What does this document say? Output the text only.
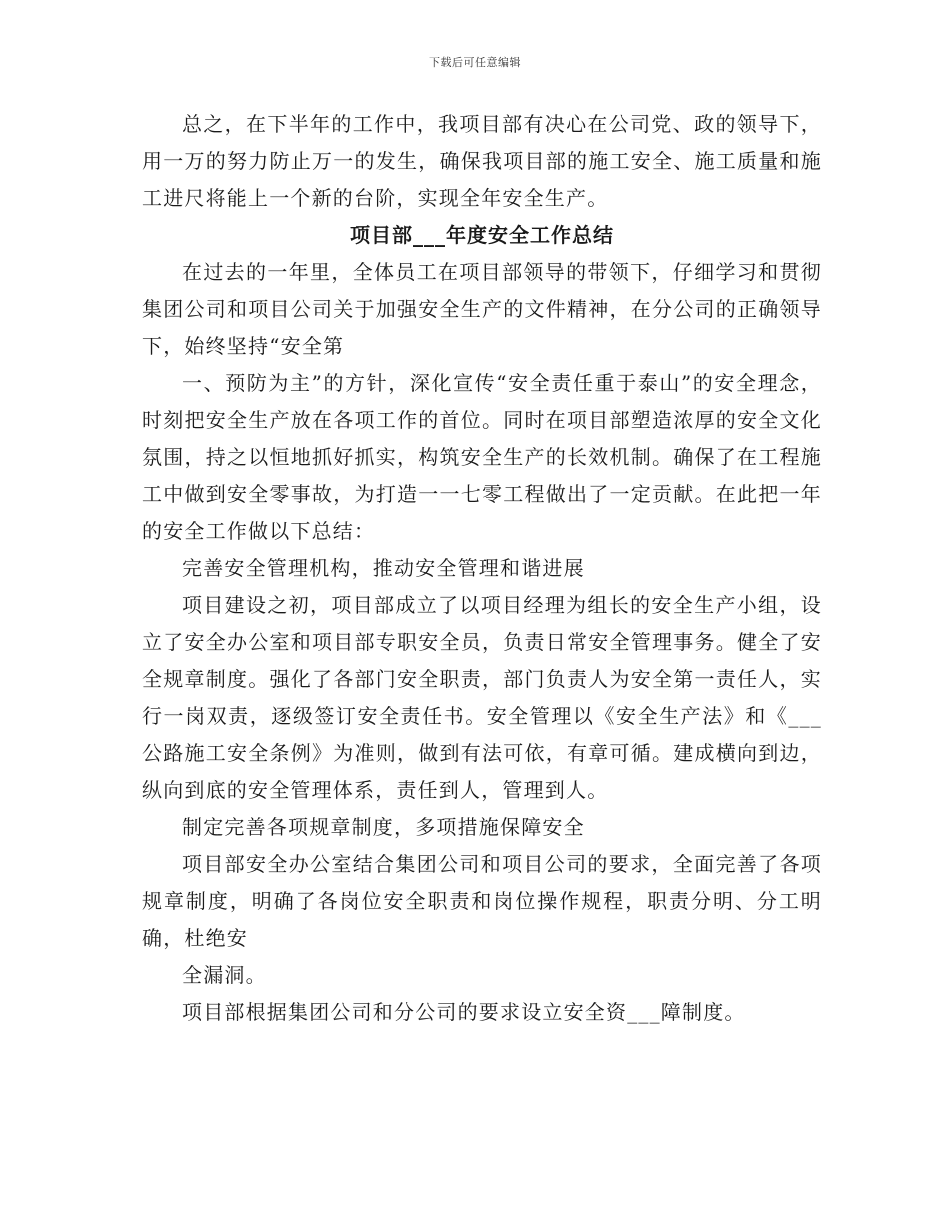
下载后可任意编辑

总之，在下半年的工作中，我项目部有决心在公司党、政的领导下，用一万的努力防止万一的发生，确保我项目部的施工安全、施工质量和施工进尺将能上一个新的台阶，实现全年安全生产。

项目部___年度安全工作总结

在过去的一年里，全体员工在项目部领导的带领下，仔细学习和贯彻集团公司和项目公司关于加强安全生产的文件精神，在分公司的正确领导下，始终坚持“安全第

一、预防为主”的方针，深化宣传“安全责任重于泰山”的安全理念，时刻把安全生产放在各项工作的首位。同时在项目部塑造浓厚的安全文化氛围，持之以恒地抓好抓实，构筑安全生产的长效机制。确保了在工程施工中做到安全零事故，为打造一一七零工程做出了一定贡献。在此把一年的安全工作做以下总结：

完善安全管理机构，推动安全管理和谐进展

项目建设之初，项目部成立了以项目经理为组长的安全生产小组，设立了安全办公室和项目部专职安全员，负责日常安全管理事务。健全了安全规章制度。强化了各部门安全职责，部门负责人为安全第一责任人，实行一岗双责，逐级签订安全责任书。安全管理以《安全生产法》和《___公路施工安全条例》为准则，做到有法可依，有章可循。建成横向到边，纵向到底的安全管理体系，责任到人，管理到人。

制定完善各项规章制度，多项措施保障安全

项目部安全办公室结合集团公司和项目公司的要求，全面完善了各项规章制度，明确了各岗位安全职责和岗位操作规程，职责分明、分工明确，杜绝安

全漏洞。

项目部根据集团公司和分公司的要求设立安全资___障制度。
